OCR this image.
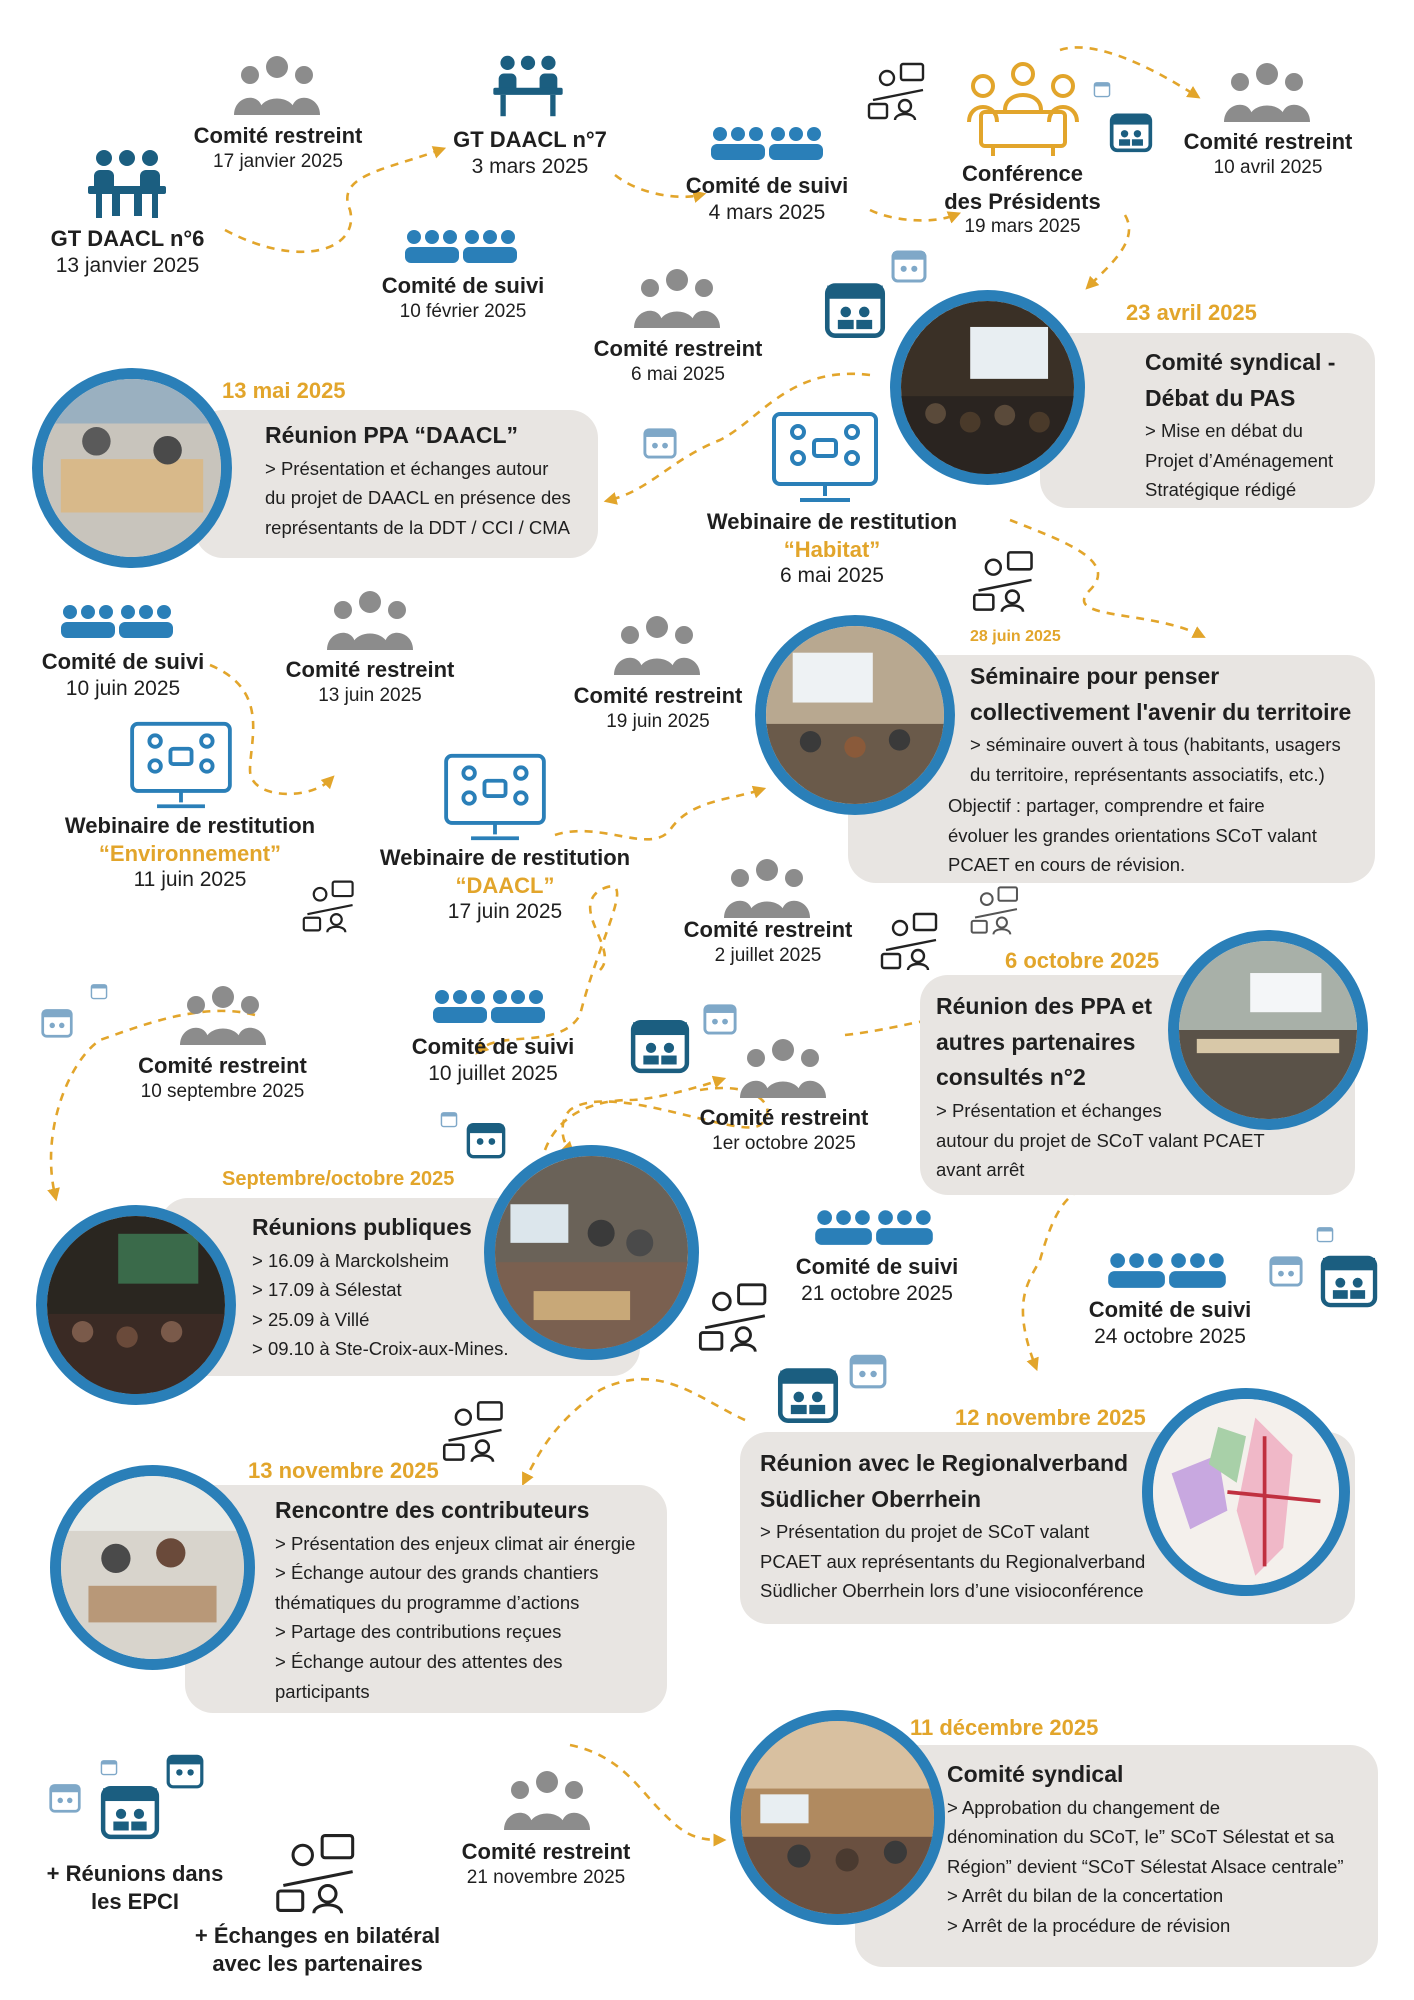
GT DAACL n°6
13 janvier 2025
Comité restreint
17 janvier 2025
Comité de suivi
10 février 2025
GT DAACL n°7
3 mars 2025
Comité de suivi
4 mars 2025
Conférence
des Présidents
19 mars 2025
Comité restreint
10 avril 2025
Comité restreint
6 mai 2025	Comité syndical -
Débat du PAS
> Mise en débat du
Projet d’Aménagement
Stratégique rédigé
23 avril 2025
Réunion PPA “DAACL”
> Présentation et échanges autour
du projet de DAACL en présence des
représentants de la DDT / CCI / CMA
13 mai 2025
Webinaire de restitution
“Habitat”
6 mai 2025
Comité de suivi
10 juin 2025
Comité restreint
13 juin 2025	Comité restreint
19 juin 2025
Webinaire de restitution
“Environnement”
11 juin 2025
Webinaire de restitution
“DAACL”
17 juin 2025
Séminaire pour penser
collectivement l'avenir du territoire
> séminaire ouvert à tous (habitants, usagers
du territoire, représentants associatifs, etc.)
Objectif : partager, comprendre et faire
évoluer les grandes orientations SCoT valant
PCAET en cours de révision.
28 juin 2025
Comité restreint
2 juillet 2025
Comité restreint
10 septembre 2025
Comité de suivi
10 juillet 2025
Comité restreint
1er octobre 2025
Réunion des PPA et
autres partenaires
consultés n°2
> Présentation et échanges
autour du projet de SCoT valant PCAET
avant arrêt
6 octobre 2025
Réunions publiques
> 16.09 à Marckolsheim
> 17.09 à Sélestat
> 25.09 à Villé
> 09.10 à Ste-Croix-aux-Mines.
Septembre/octobre 2025
Comité de suivi
21 octobre 2025
Comité de suivi
24 octobre 2025
Réunion avec le Regionalverband
Südlicher Oberrhein
> Présentation du projet de SCoT valant
PCAET aux représentants du Regionalverband
Südlicher Oberrhein lors d’une visioconférence
12 novembre 2025
Rencontre des contributeurs
> Présentation des enjeux climat air énergie
> Échange autour des grands chantiers
thématiques du programme d’actions
> Partage des contributions reçues
> Échange autour des attentes des
participants
13 novembre 2025
+ Réunions dans
les EPCI
+ Échanges en bilatéral
avec les partenaires
Comité restreint
21 novembre 2025
Comité syndical
> Approbation du changement de
dénomination du SCoT, le” SCoT Sélestat et sa
Région” devient “SCoT Sélestat Alsace centrale”
> Arrêt du bilan de la concertation
> Arrêt de la procédure de révision
11 décembre 2025
